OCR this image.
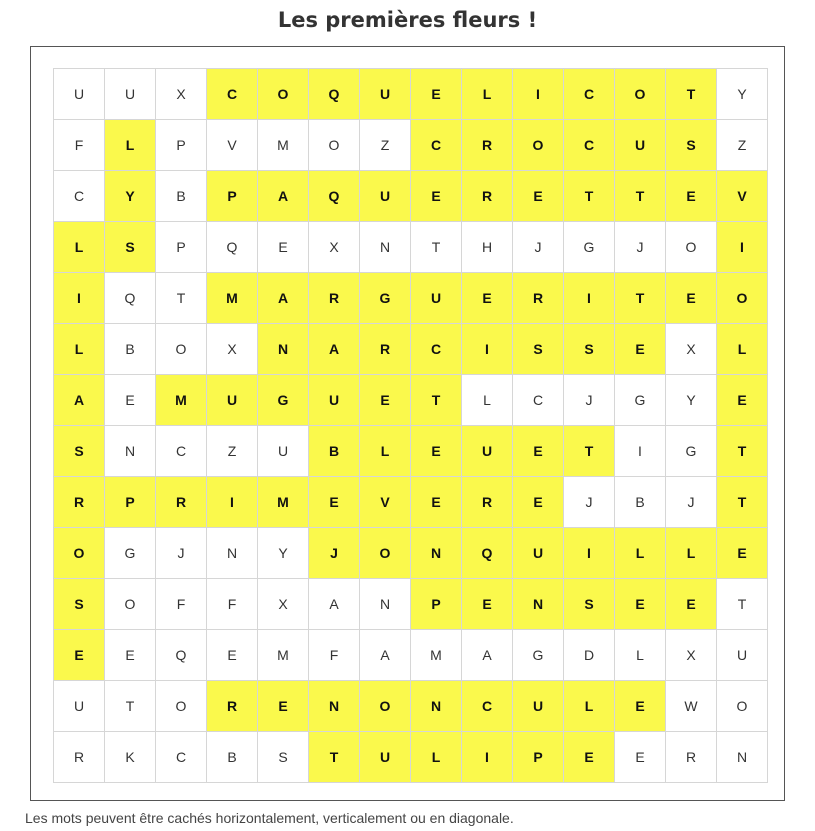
Les premières fleurs !
U	U	X	C	O	Q	U	E	L	I	C	O	T	Y
F	L	P	V	M	O	Z	C	R	O	C	U	S	Z
C	Y	B	P	A	Q	U	E	R	E	T	T	E	V
L	S	P	Q	E	X	N	T	H	J	G	J	O	I
I	Q	T	M	A	R	G	U	E	R	I	T	E	O
L	B	O	X	N	A	R	C	I	S	S	E	X	L
A	E	M	U	G	U	E	T	L	C	J	G	Y	E
S	N	C	Z	U	B	L	E	U	E	T	I	G	T
R	P	R	I	M	E	V	E	R	E	J	B	J	T
O	G	J	N	Y	J	O	N	Q	U	I	L	L	E
S	O	F	F	X	A	N	P	E	N	S	E	E	T
E	E	Q	E	M	F	A	M	A	G	D	L	X	U
U	T	O	R	E	N	O	N	C	U	L	E	W	O
R	K	C	B	S	T	U	L	I	P	E	E	R	N
Les mots peuvent être cachés horizontalement, verticalement ou en diagonale.
